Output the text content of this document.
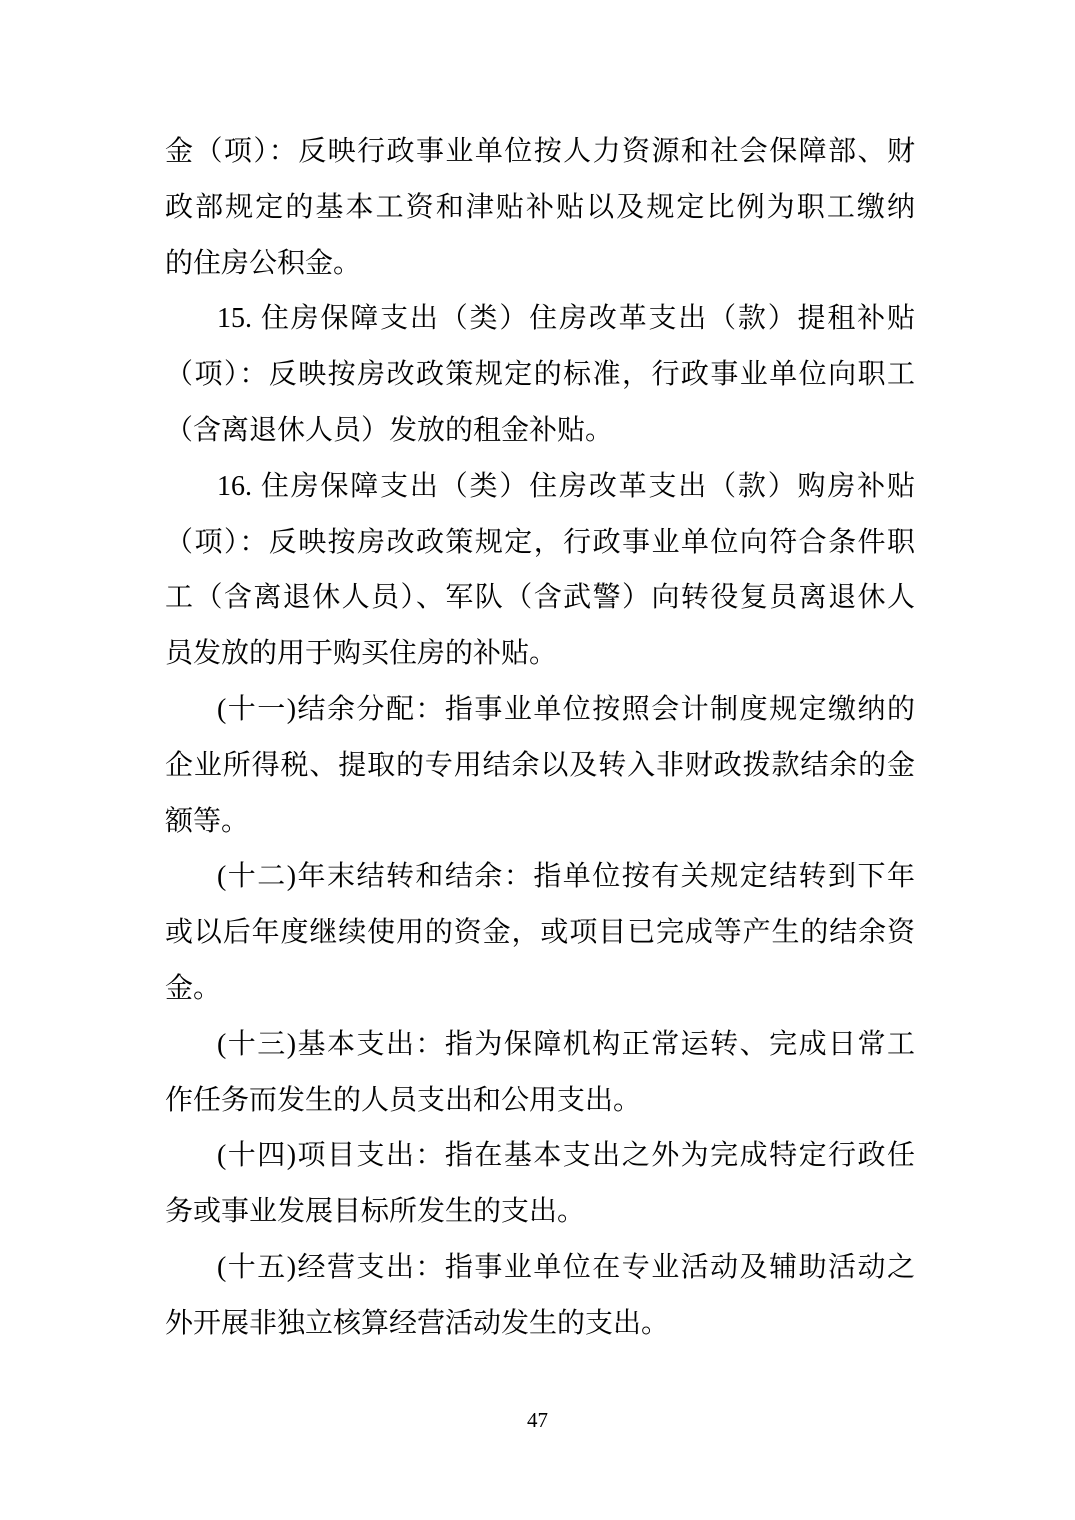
金（项）：反映行政事业单位按人力资源和社会保障部、财
政部规定的基本工资和津贴补贴以及规定比例为职工缴纳
的住房公积金。
15. 住房保障支出（类）住房改革支出（款）提租补贴
（项）：反映按房改政策规定的标准，行政事业单位向职工
（含离退休人员）发放的租金补贴。
16. 住房保障支出（类）住房改革支出（款）购房补贴
（项）：反映按房改政策规定，行政事业单位向符合条件职
工（含离退休人员）、军队（含武警）向转役复员离退休人
员发放的用于购买住房的补贴。
(十一)结余分配：指事业单位按照会计制度规定缴纳的
企业所得税、提取的专用结余以及转入非财政拨款结余的金
额等。
(十二)年末结转和结余：指单位按有关规定结转到下年
或以后年度继续使用的资金，或项目已完成等产生的结余资
金。
(十三)基本支出：指为保障机构正常运转、完成日常工
作任务而发生的人员支出和公用支出。
(十四)项目支出：指在基本支出之外为完成特定行政任
务或事业发展目标所发生的支出。
(十五)经营支出：指事业单位在专业活动及辅助活动之
外开展非独立核算经营活动发生的支出。
47
